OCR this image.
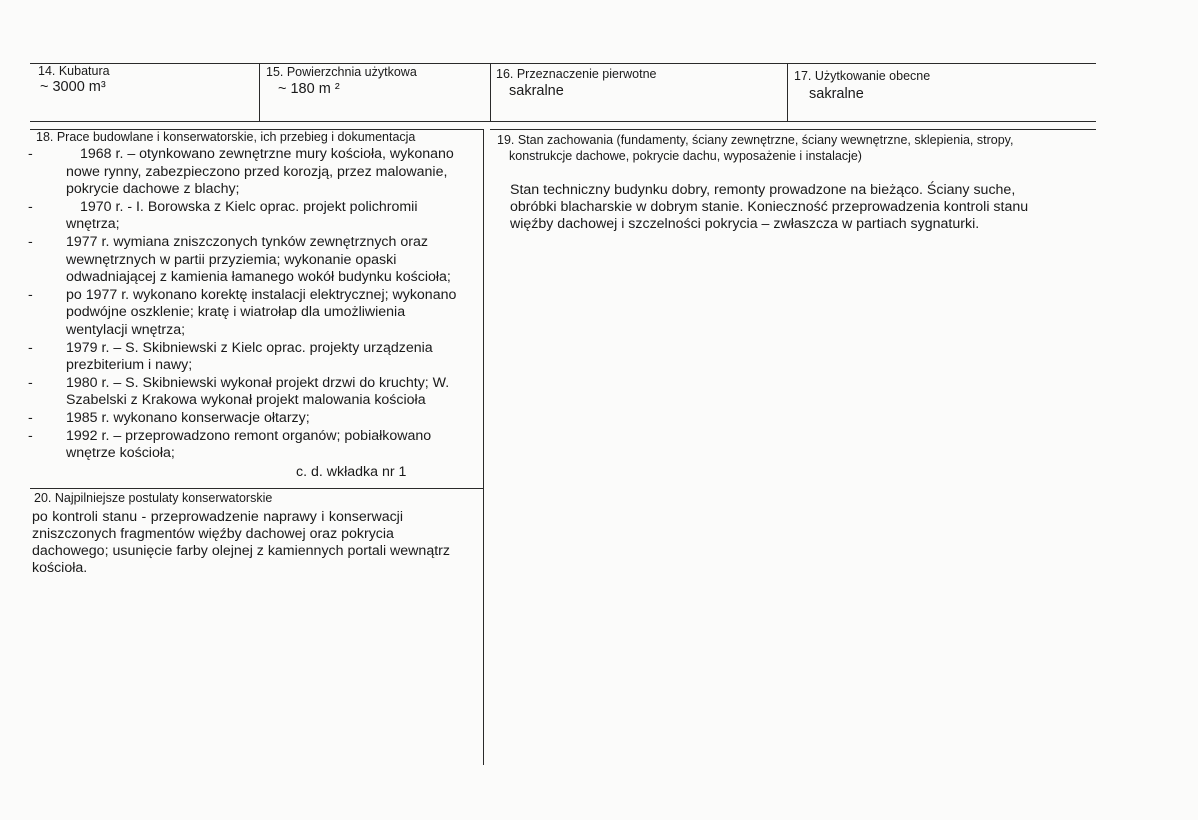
14. Kubatura
~ 3000 m³
15. Powierzchnia użytkowa
~ 180 m ²
16. Przeznaczenie pierwotne
sakralne
17. Użytkowanie obecne
sakralne
18. Prace budowlane i konserwatorskie, ich przebieg i dokumentacja
-	1968 r. – otynkowano zewnętrzne mury kościoła, wykonano
nowe rynny, zabezpieczono przed korozją, przez malowanie,
pokrycie dachowe z blachy;
-	1970 r. - I. Borowska z Kielc oprac. projekt polichromii
wnętrza;
- 1977 r. wymiana zniszczonych tynków zewnętrznych oraz
wewnętrznych w partii przyziemia; wykonanie opaski
odwadniającej z kamienia łamanego wokół budynku kościoła;
- po 1977 r. wykonano korektę instalacji elektrycznej; wykonano
podwójne oszklenie; kratę i wiatrołap dla umożliwienia
wentylacji wnętrza;
- 1979 r. – S. Skibniewski z Kielc oprac. projekty urządzenia
prezbiterium i nawy;
- 1980 r. – S. Skibniewski wykonał projekt drzwi do kruchty; W.
Szabelski z Krakowa wykonał projekt malowania kościoła
- 1985 r. wykonano konserwacje ołtarzy;
- 1992 r. – przeprowadzono remont organów; pobiałkowano
wnętrze kościoła;
c. d. wkładka nr 1
19. Stan zachowania (fundamenty, ściany zewnętrzne, ściany wewnętrzne, sklepienia, stropy,
konstrukcje dachowe, pokrycie dachu, wyposażenie i instalacje)
Stan techniczny budynku dobry, remonty prowadzone na bieżąco. Ściany suche,
obróbki blacharskie w dobrym stanie. Konieczność przeprowadzenia kontroli stanu
więźby dachowej i szczelności pokrycia – zwłaszcza w partiach sygnaturki.
20. Najpilniejsze postulaty konserwatorskie
po kontroli stanu - przeprowadzenie naprawy i konserwacji
zniszczonych fragmentów więźby dachowej oraz pokrycia
dachowego; usunięcie farby olejnej z kamiennych portali wewnątrz
kościoła.
